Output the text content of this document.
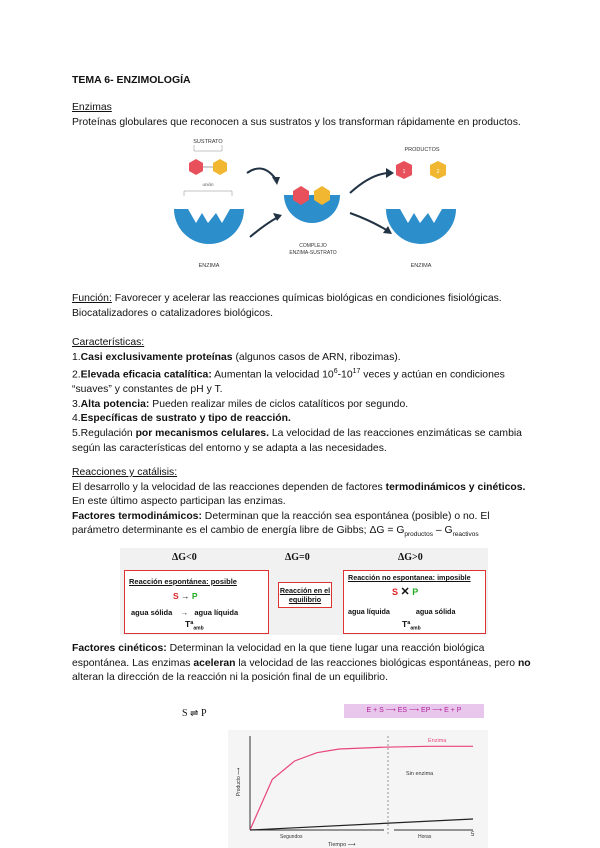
TEMA 6- ENZIMOLOGÍA
Enzimas
Proteínas globulares que reconocen a sus sustratos y los transforman rápidamente en productos.
SUSTRATO
unión
ENZIMA
COMPLEJO
ENZIMA-SUSTRATO
PRODUCTOS
1	2
ENZIMA
Función: Favorecer y acelerar las reacciones químicas biológicas en condiciones fisiológicas. Biocatalizadores o catalizadores biológicos.
Características:
1.Casi exclusivamente proteínas (algunos casos de ARN, ribozimas).
2.Elevada eficacia catalítica: Aumentan la velocidad $10^6-10^{17}$ veces y actúan en condiciones “suaves” y constantes de pH y T.
3.Alta potencia: Pueden realizar miles de ciclos catalíticos por segundo.
4.Específicas de sustrato y tipo de reacción.
5.Regulación por mecanismos celulares. La velocidad de las reacciones enzimáticas se cambia según las características del entorno y se adapta a las necesidades.
Reacciones y catálisis:
El desarrollo y la velocidad de las reacciones dependen de factores termodinámicos y cinéticos. En este último aspecto participan las enzimas.
Factores termodinámicos: Determinan que la reacción sea espontánea (posible) o no. El parámetro determinante es el cambio de energía libre de Gibbs; $\Delta G = G_{productos} - G_{reactivos}$
ΔG<0	ΔG=0	ΔG>0
Reacción espontánea: posible
S → P
agua sólida → agua líquida
Tª$_{amb}$
Reacción en el equilibrio
Reacción no espontanea: imposible
S ✕ P
agua líquida	agua sólida
Tª$_{amb}$
Factores cinéticos: Determinan la velocidad en la que tiene lugar una reacción biológica espontánea. Las enzimas aceleran la velocidad de las reacciones biológicas espontáneas, pero no alteran la dirección de la reacción ni la posición final de un equilibrio.
S ⇌ P	E + S ⟶ ES ⟶ EP ⟶ E + P
Producto ⟶
Segundos	Horas
Tiempo ⟶
Enzima
Sin enzima
5
